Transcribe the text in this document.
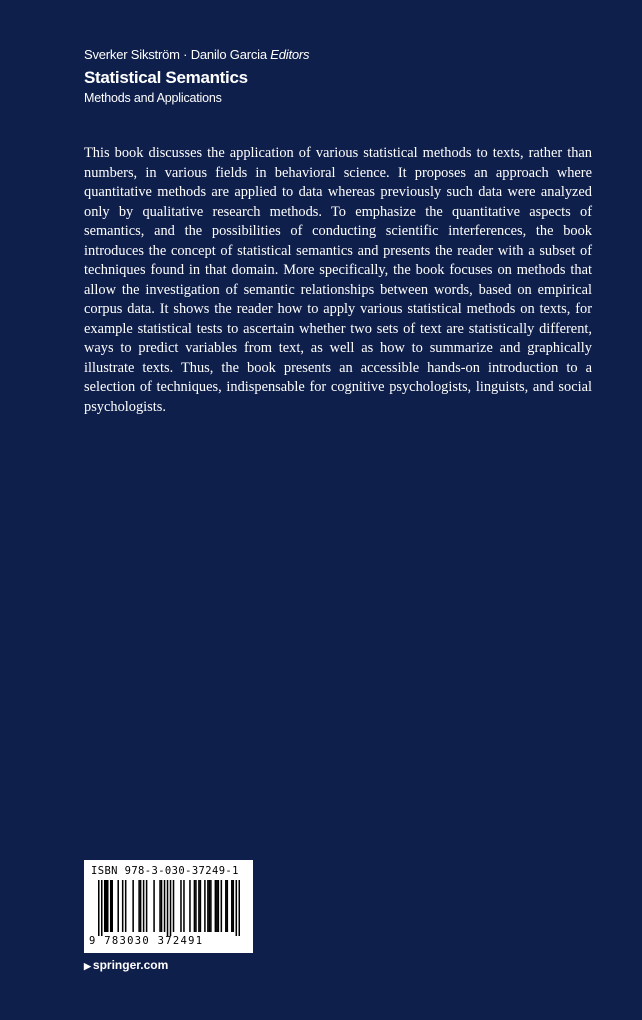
Sverker Sikström · Danilo Garcia Editors
Statistical Semantics
Methods and Applications

This book discusses the application of various statistical methods to texts, rather than numbers, in various fields in behavioral science. It proposes an approach where quantitative methods are applied to data whereas previously such data were analyzed only by qualitative research methods. To emphasize the quantitative aspects of semantics, and the possibilities of conducting scientific interferences, the book introduces the concept of statistical semantics and presents the reader with a subset of techniques found in that domain. More specifically, the book focuses on methods that allow the investigation of semantic relationships between words, based on empirical corpus data. It shows the reader how to apply various statistical methods on texts, for example statistical tests to ascertain whether two sets of text are statistically different, ways to predict variables from text, as well as how to summarize and graphically illustrate texts. Thus, the book presents an accessible hands-on introduction to a selection of techniques, indispensable for cognitive psychologists, linguists, and social psychologists.

ISBN 978-3-030-37249-1
9 783030 372491
▶ springer.com
